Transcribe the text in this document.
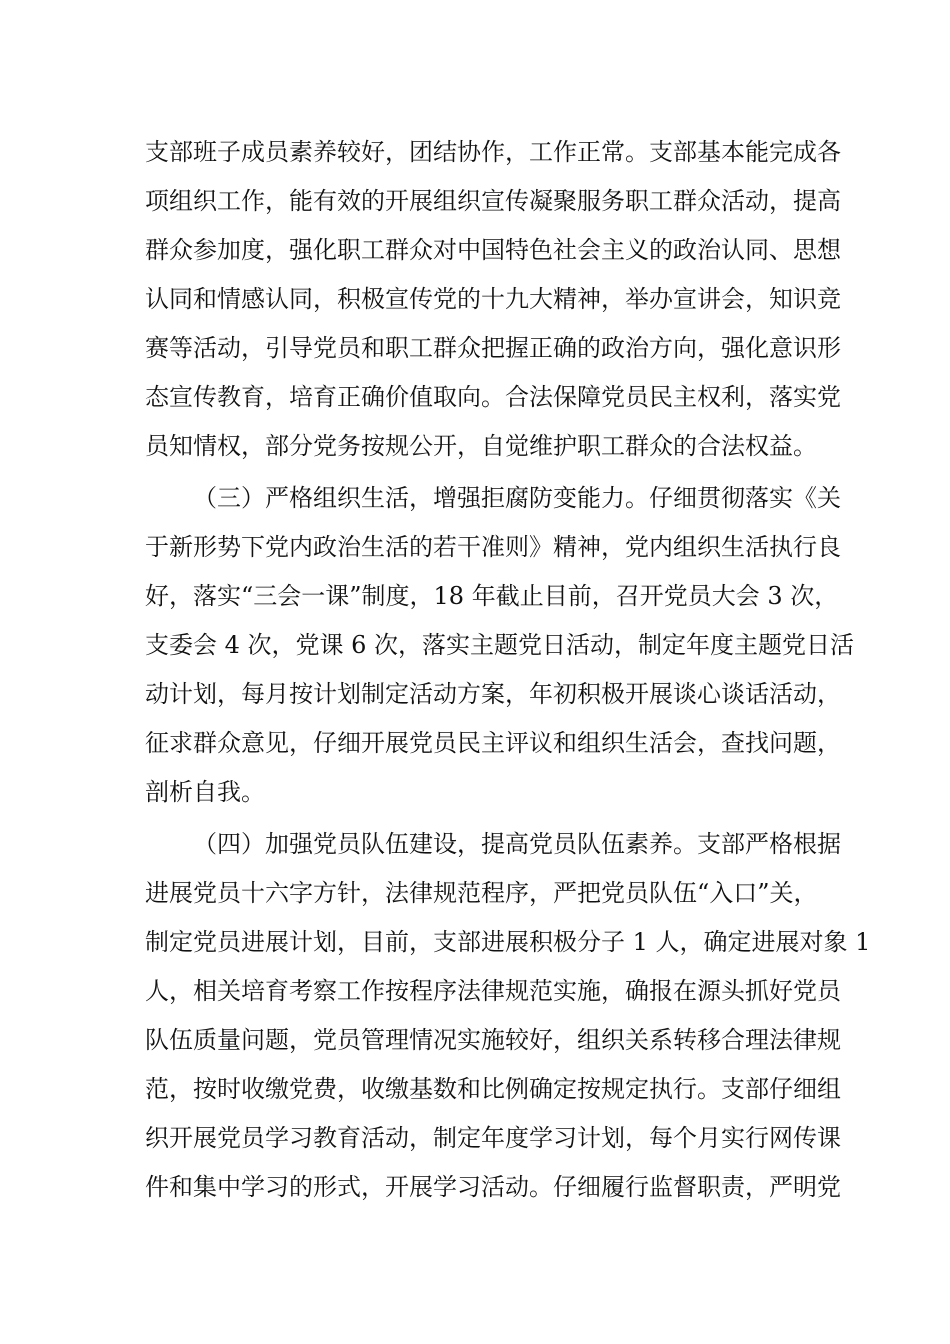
支部班子成员素养较好，团结协作，工作正常。支部基本能完成各
项组织工作，能有效的开展组织宣传凝聚服务职工群众活动，提高
群众参加度，强化职工群众对中国特色社会主义的政治认同、思想
认同和情感认同，积极宣传党的十九大精神，举办宣讲会，知识竞
赛等活动，引导党员和职工群众把握正确的政治方向，强化意识形
态宣传教育，培育正确价值取向。合法保障党员民主权利，落实党
员知情权，部分党务按规公开，自觉维护职工群众的合法权益。
（三）严格组织生活，增强拒腐防变能力。仔细贯彻落实《关
于新形势下党内政治生活的若干准则》精神，党内组织生活执行良
好，落实“三会一课”制度，18 年截止目前，召开党员大会 3 次，
支委会 4 次，党课 6 次，落实主题党日活动，制定年度主题党日活
动计划，每月按计划制定活动方案，年初积极开展谈心谈话活动，
征求群众意见，仔细开展党员民主评议和组织生活会，查找问题，
剖析自我。
（四）加强党员队伍建设，提高党员队伍素养。支部严格根据
进展党员十六字方针，法律规范程序，严把党员队伍“入口”关，
制定党员进展计划，目前，支部进展积极分子 1 人，确定进展对象 1
人，相关培育考察工作按程序法律规范实施，确报在源头抓好党员
队伍质量问题，党员管理情况实施较好，组织关系转移合理法律规
范，按时收缴党费，收缴基数和比例确定按规定执行。支部仔细组
织开展党员学习教育活动，制定年度学习计划，每个月实行网传课
件和集中学习的形式，开展学习活动。仔细履行监督职责，严明党
